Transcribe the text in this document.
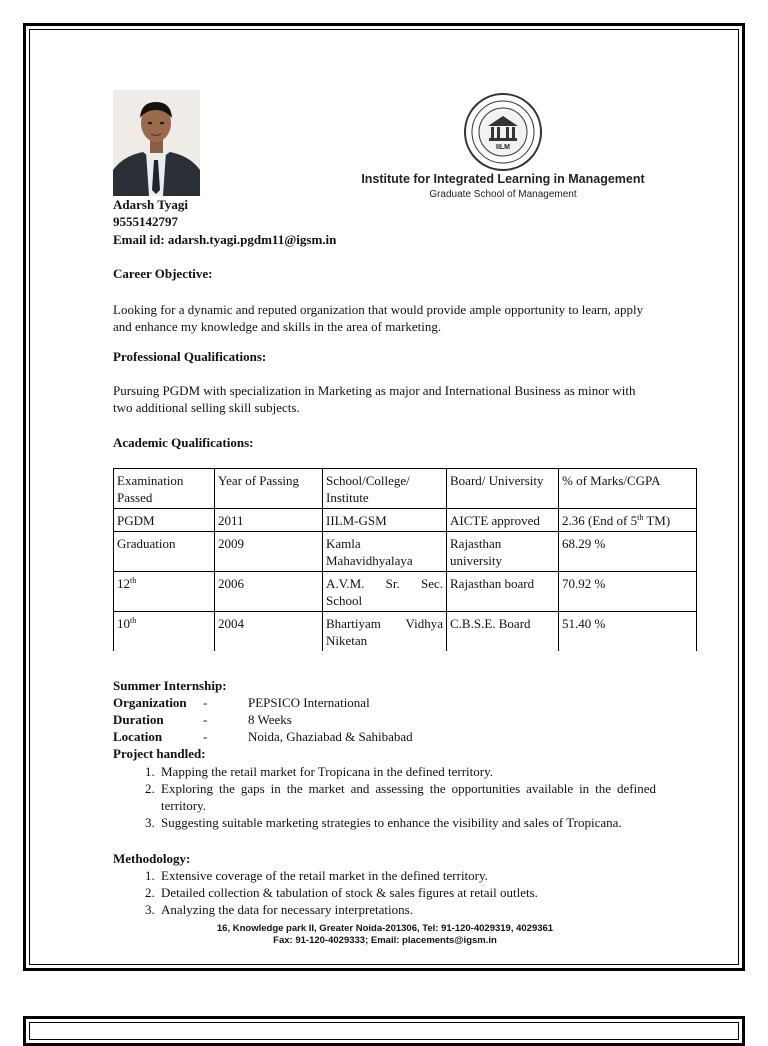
IILM
Institute for Integrated Learning in Management
Graduate School of Management
Adarsh Tyagi
9555142797
Email id: adarsh.tyagi.pgdm11@igsm.in
Career Objective:
Looking for a dynamic and reputed organization that would provide ample opportunity to learn, apply and enhance my knowledge and skills in the area of marketing.
Professional Qualifications:
Pursuing PGDM with specialization in Marketing as major and International Business as minor with two additional selling skill subjects.
Academic Qualifications:
Examination Passed	Year of Passing	School/College/ Institute	Board/ University	% of Marks/CGPA
PGDM	2011	IILM-GSM	AICTE approved	2.36 (End of 5th TM)
Graduation	2009	Kamla Mahavidhyalaya	Rajasthan university	68.29 %
12th	2006	A.V.M. Sr. Sec. School	Rajasthan board	70.92 %
10th	2004	Bhartiyam Vidhya Niketan	C.B.S.E. Board	51.40 %
Summer Internship:
Organization -	PEPSICO International
Duration	-	8 Weeks
Location	-	Noida, Ghaziabad & Sahibabad
Project handled:
1. Mapping the retail market for Tropicana in the defined territory.
2. Exploring the gaps in the market and assessing the opportunities available in the defined territory.
3. Suggesting suitable marketing strategies to enhance the visibility and sales of Tropicana.
Methodology:
1. Extensive coverage of the retail market in the defined territory.
2. Detailed collection & tabulation of stock & sales figures at retail outlets.
3. Analyzing the data for necessary interpretations.
16, Knowledge park II, Greater Noida-201306, Tel: 91-120-4029319, 4029361
Fax: 91-120-4029333; Email: placements@igsm.in
